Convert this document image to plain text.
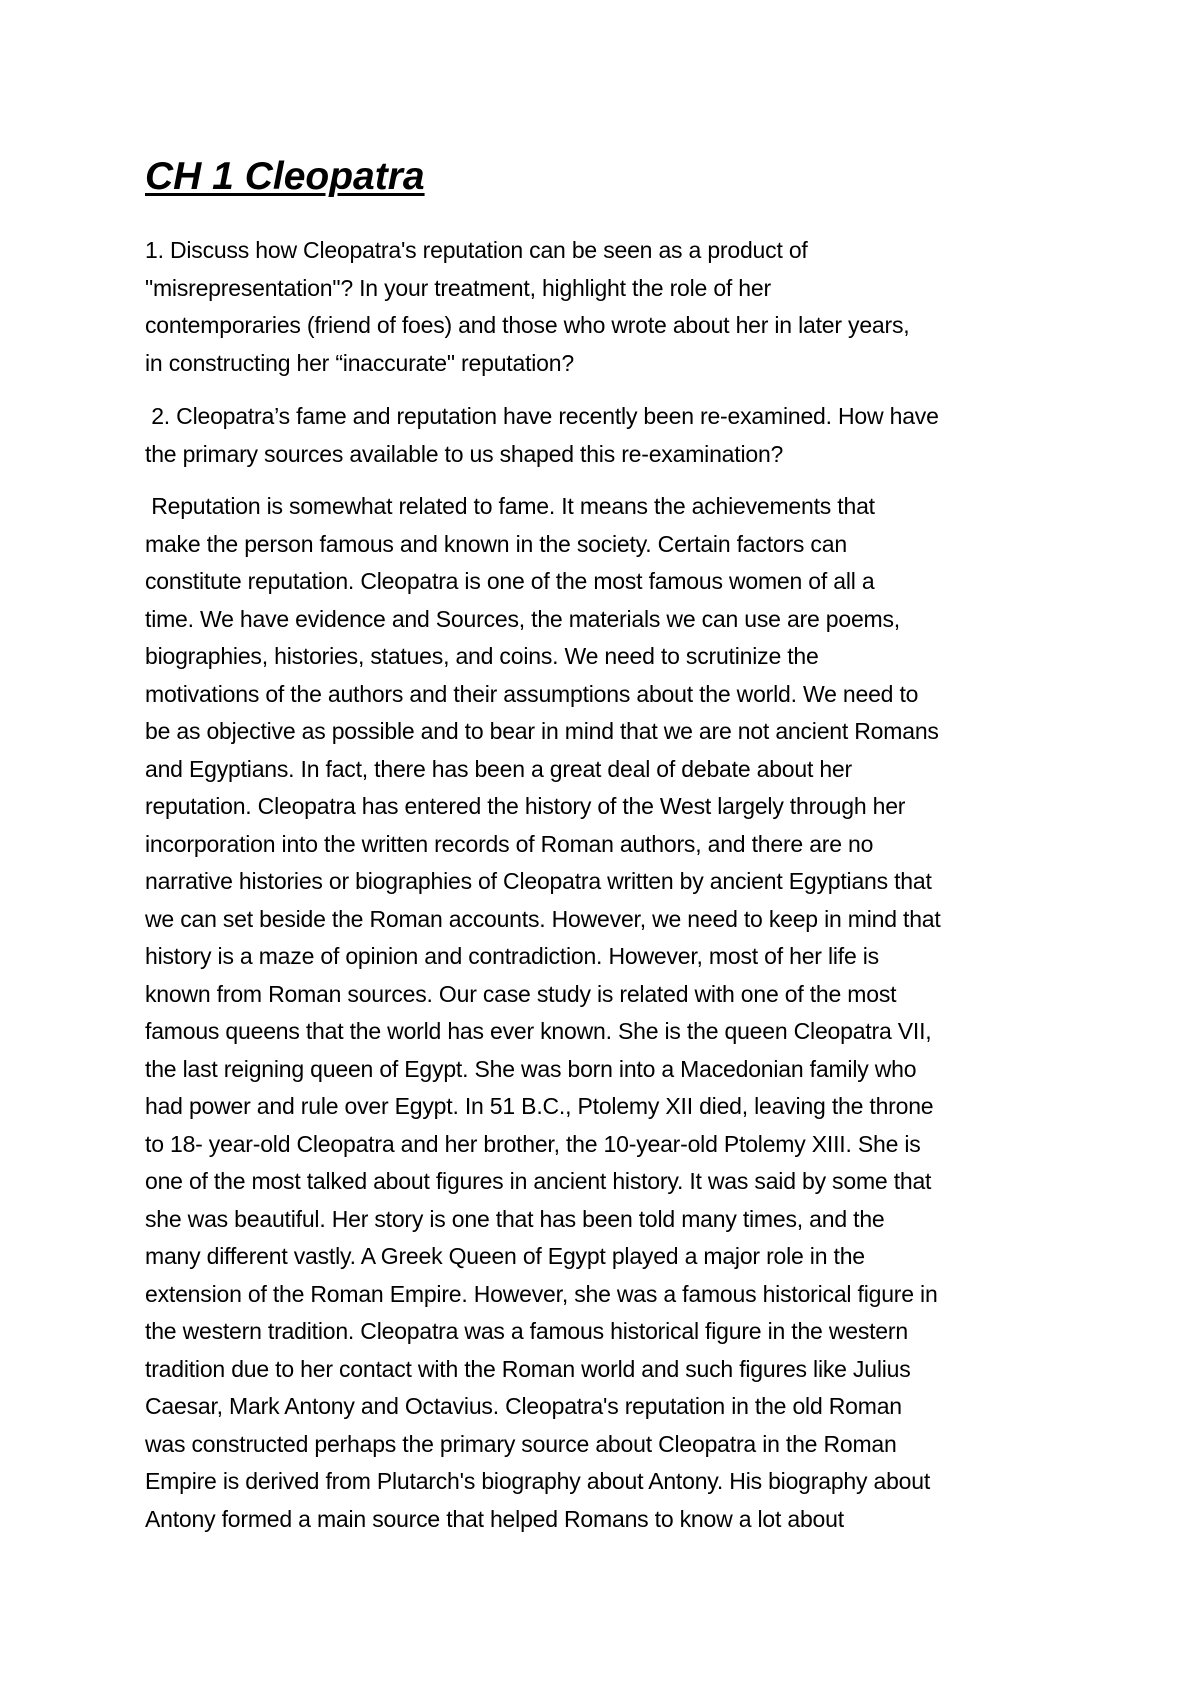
CH 1 Cleopatra
1. Discuss how Cleopatra's reputation can be seen as a product of
"misrepresentation"? In your treatment, highlight the role of her
contemporaries (friend of foes) and those who wrote about her in later years,
in constructing her “inaccurate" reputation?
2. Cleopatra’s fame and reputation have recently been re-examined. How have
the primary sources available to us shaped this re-examination?
Reputation is somewhat related to fame. It means the achievements that
make the person famous and known in the society. Certain factors can
constitute reputation. Cleopatra is one of the most famous women of all a
time. We have evidence and Sources, the materials we can use are poems,
biographies, histories, statues, and coins. We need to scrutinize the
motivations of the authors and their assumptions about the world. We need to
be as objective as possible and to bear in mind that we are not ancient Romans
and Egyptians. In fact, there has been a great deal of debate about her
reputation. Cleopatra has entered the history of the West largely through her
incorporation into the written records of Roman authors, and there are no
narrative histories or biographies of Cleopatra written by ancient Egyptians that
we can set beside the Roman accounts. However, we need to keep in mind that
history is a maze of opinion and contradiction. However, most of her life is
known from Roman sources. Our case study is related with one of the most
famous queens that the world has ever known. She is the queen Cleopatra VII,
the last reigning queen of Egypt. She was born into a Macedonian family who
had power and rule over Egypt. In 51 B.C., Ptolemy XII died, leaving the throne
to 18- year-old Cleopatra and her brother, the 10-year-old Ptolemy XIII. She is
one of the most talked about figures in ancient history. It was said by some that
she was beautiful. Her story is one that has been told many times, and the
many different vastly. A Greek Queen of Egypt played a major role in the
extension of the Roman Empire. However, she was a famous historical figure in
the western tradition. Cleopatra was a famous historical figure in the western
tradition due to her contact with the Roman world and such figures like Julius
Caesar, Mark Antony and Octavius. Cleopatra's reputation in the old Roman
was constructed perhaps the primary source about Cleopatra in the Roman
Empire is derived from Plutarch's biography about Antony. His biography about
Antony formed a main source that helped Romans to know a lot about
